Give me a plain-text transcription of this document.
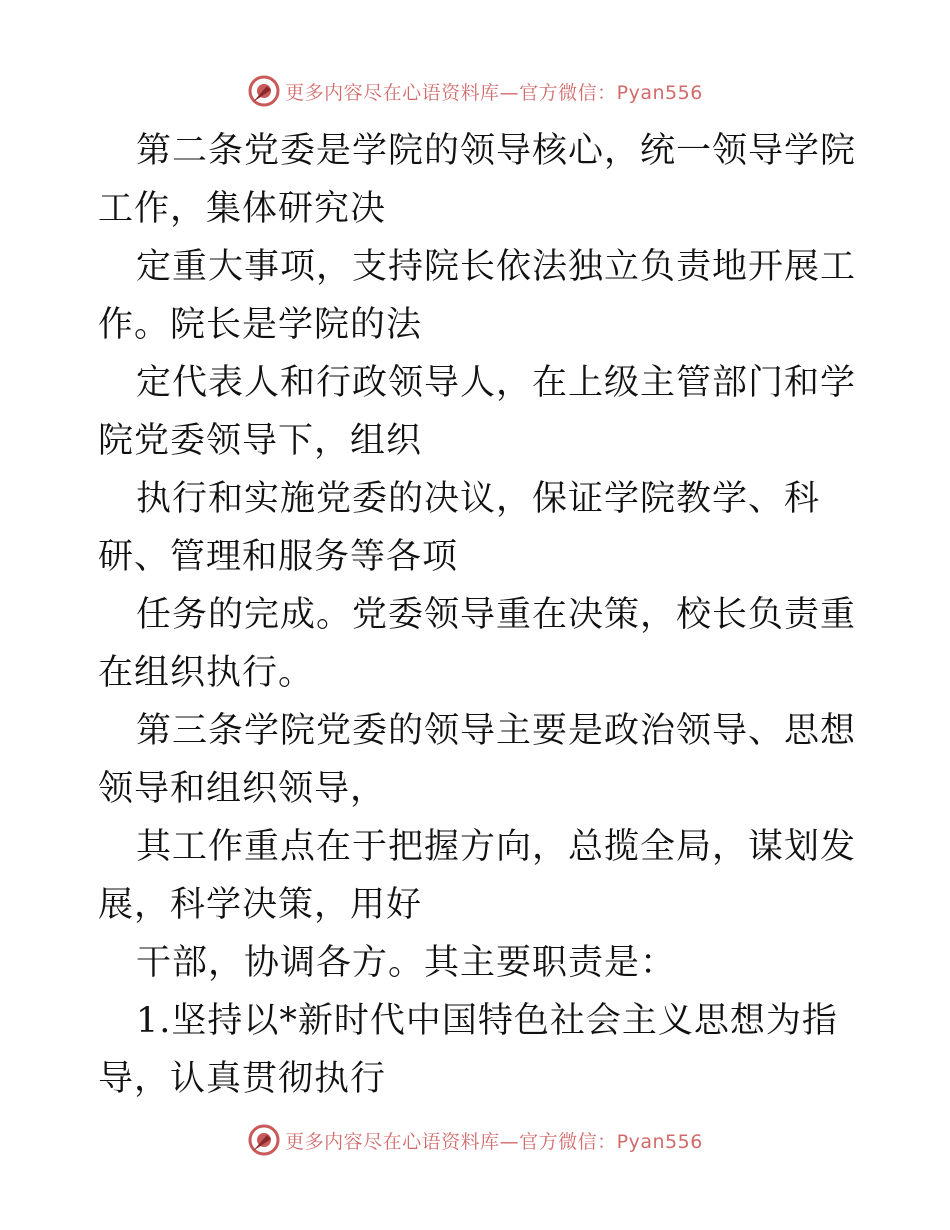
更多内容尽在心语资料库—官方微信：Pyan556

第二条党委是学院的领导核心，统一领导学院工作，集体研究决

定重大事项，支持院长依法独立负责地开展工作。院长是学院的法

定代表人和行政领导人，在上级主管部门和学院党委领导下，组织

执行和实施党委的决议，保证学院教学、科研、管理和服务等各项

任务的完成。党委领导重在决策，校长负责重在组织执行。

第三条学院党委的领导主要是政治领导、思想领导和组织领导，

其工作重点在于把握方向，总揽全局，谋划发展，科学决策，用好

干部，协调各方。其主要职责是：

1.坚持以*新时代中国特色社会主义思想为指导，认真贯彻执行

更多内容尽在心语资料库—官方微信：Pyan556
